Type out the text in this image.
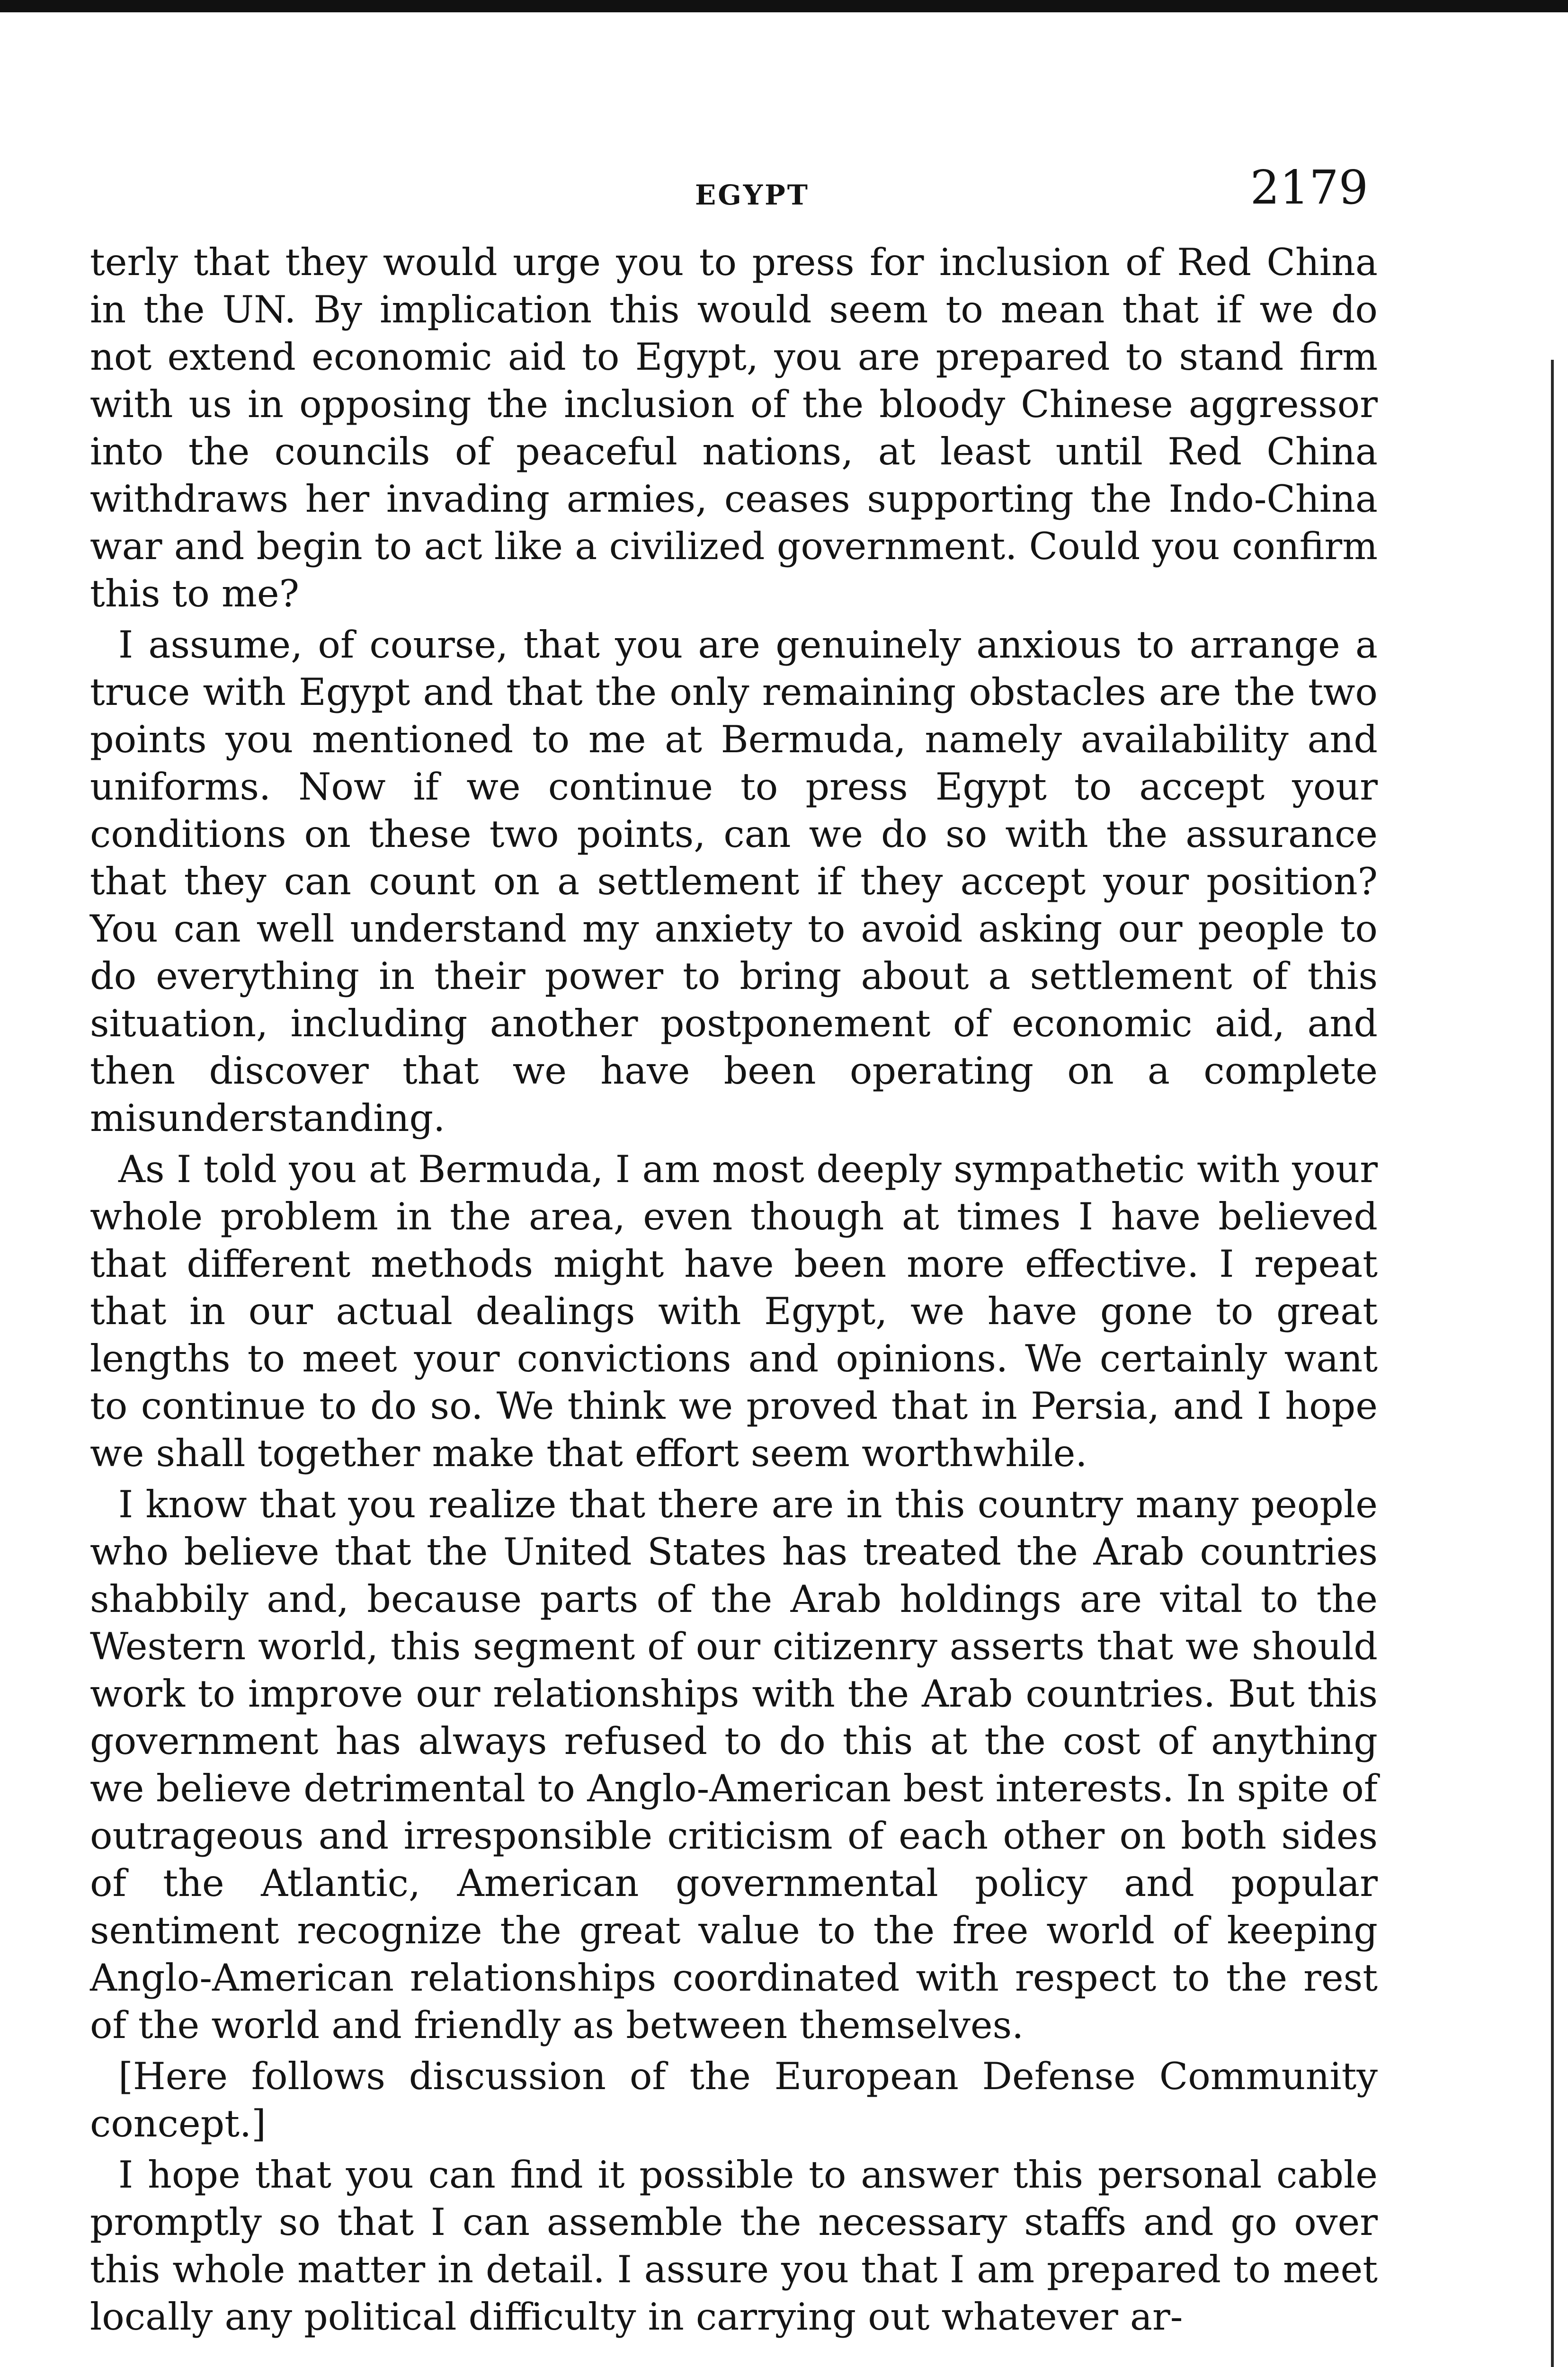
EGYPT	2179

terly that they would urge you to press for inclusion of Red China in the UN. By implication this would seem to mean that if we do not extend economic aid to Egypt, you are prepared to stand firm with us in opposing the inclusion of the bloody Chinese aggressor into the councils of peaceful nations, at least until Red China withdraws her invading armies, ceases supporting the Indo-China war and begin to act like a civilized government. Could you confirm this to me?

I assume, of course, that you are genuinely anxious to arrange a truce with Egypt and that the only remaining obstacles are the two points you mentioned to me at Bermuda, namely availability and uniforms. Now if we continue to press Egypt to accept your conditions on these two points, can we do so with the assurance that they can count on a settlement if they accept your position? You can well understand my anxiety to avoid asking our people to do everything in their power to bring about a settlement of this situation, including another postponement of economic aid, and then discover that we have been operating on a complete misunderstanding.

As I told you at Bermuda, I am most deeply sympathetic with your whole problem in the area, even though at times I have believed that different methods might have been more effective. I repeat that in our actual dealings with Egypt, we have gone to great lengths to meet your convictions and opinions. We certainly want to continue to do so. We think we proved that in Persia, and I hope we shall together make that effort seem worthwhile.

I know that you realize that there are in this country many people who believe that the United States has treated the Arab countries shabbily and, because parts of the Arab holdings are vital to the Western world, this segment of our citizenry asserts that we should work to improve our relationships with the Arab countries. But this government has always refused to do this at the cost of anything we believe detrimental to Anglo-American best interests. In spite of outrageous and irresponsible criticism of each other on both sides of the Atlantic, American governmental policy and popular sentiment recognize the great value to the free world of keeping Anglo-American relationships coordinated with respect to the rest of the world and friendly as between themselves.

[Here follows discussion of the European Defense Community concept.]

I hope that you can find it possible to answer this personal cable promptly so that I can assemble the necessary staffs and go over this whole matter in detail. I assure you that I am prepared to meet locally any political difficulty in carrying out whatever ar-
